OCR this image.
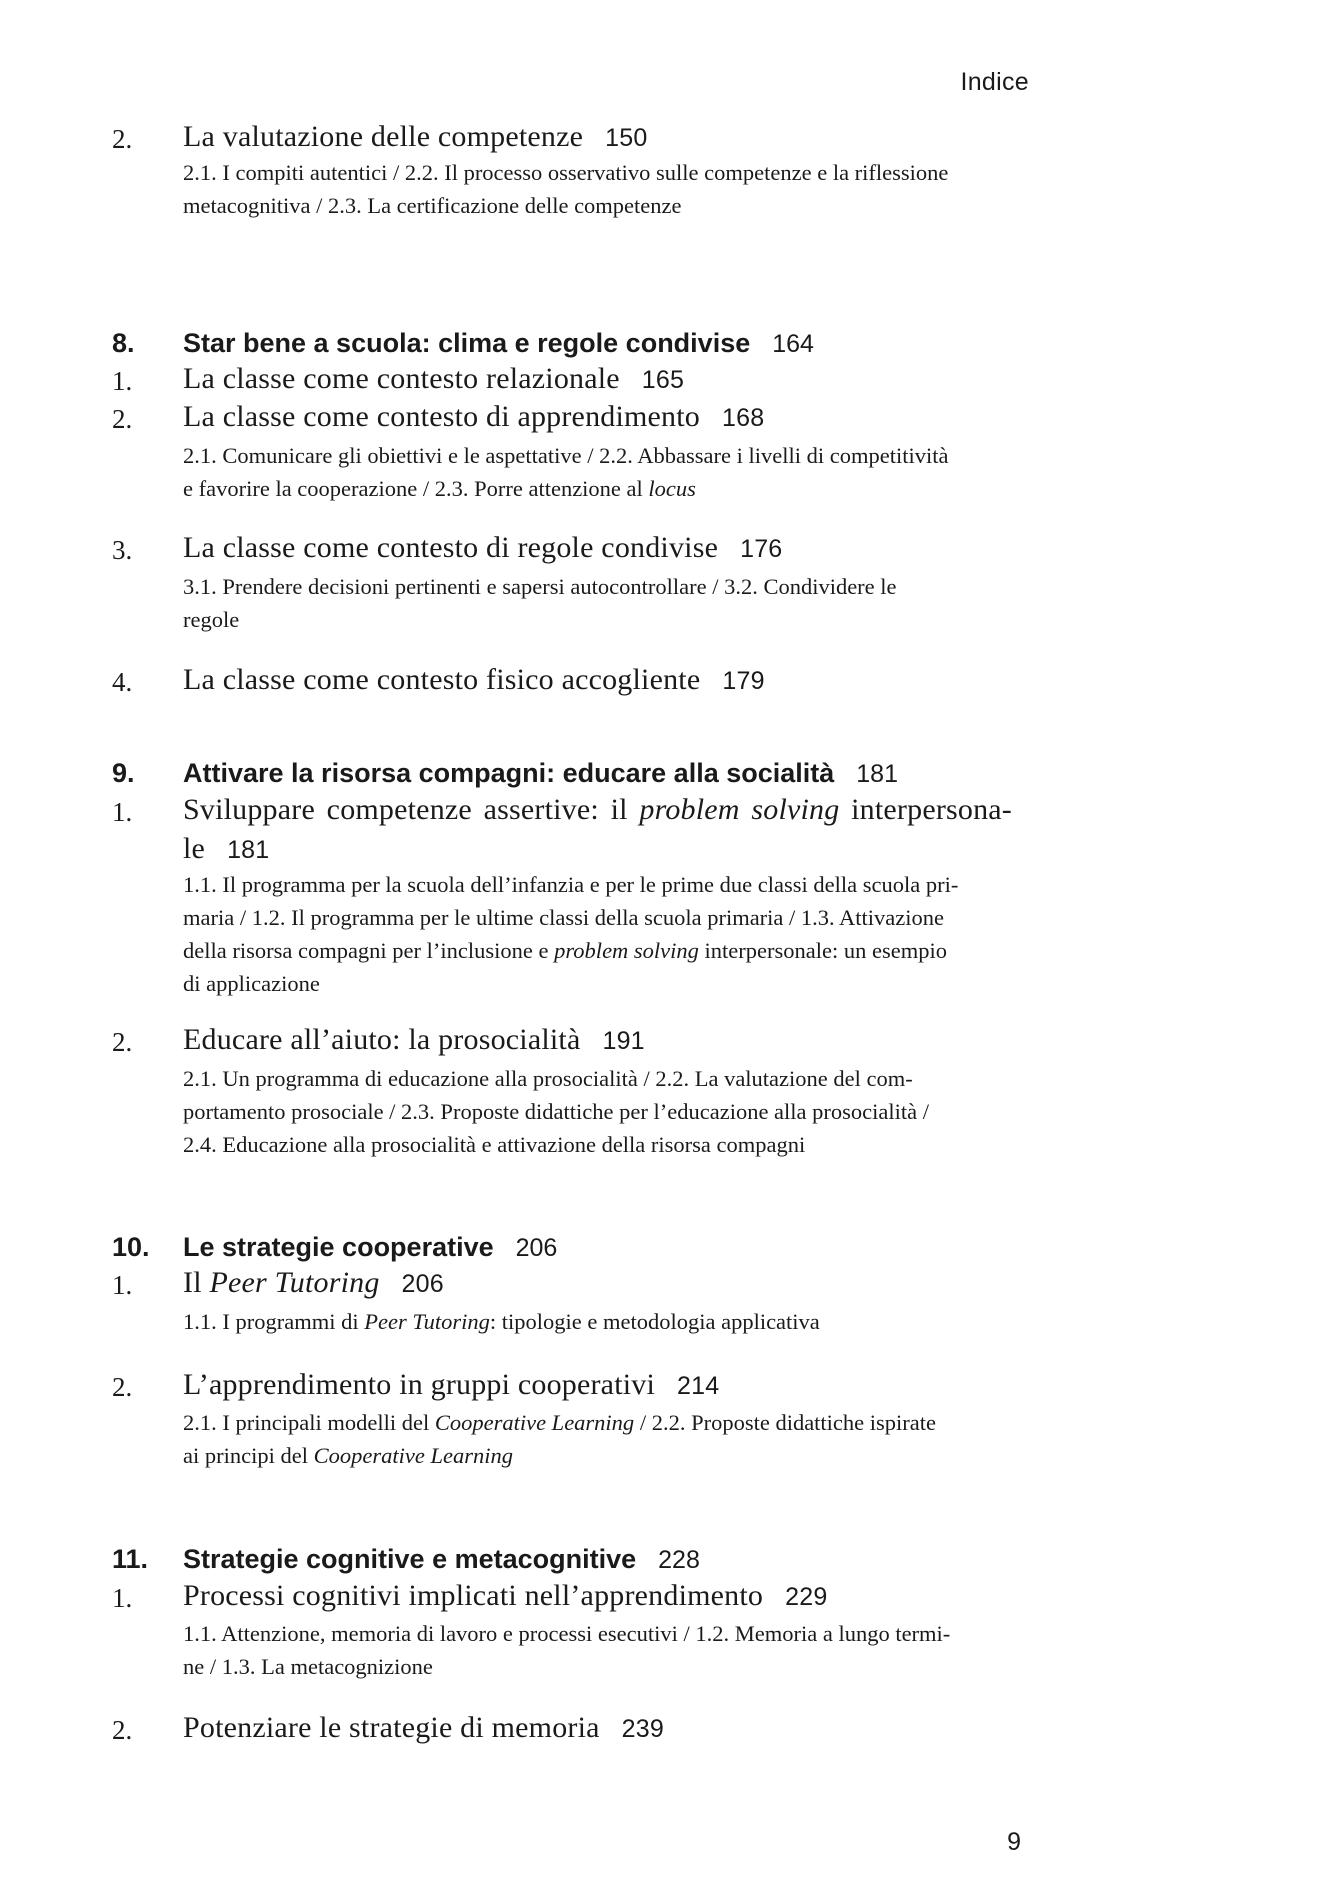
Indice
2. La valutazione delle competenze 150
2.1. I compiti autentici / 2.2. Il processo osservativo sulle competenze e la riflessione
metacognitiva / 2.3. La certificazione delle competenze
8. Star bene a scuola: clima e regole condivise 164
1. La classe come contesto relazionale 165
2. La classe come contesto di apprendimento 168
2.1. Comunicare gli obiettivi e le aspettative / 2.2. Abbassare i livelli di competitività
e favorire la cooperazione / 2.3. Porre attenzione al locus
3. La classe come contesto di regole condivise 176
3.1. Prendere decisioni pertinenti e sapersi autocontrollare / 3.2. Condividere le
regole
4. La classe come contesto fisico accogliente 179
9. Attivare la risorsa compagni: educare alla socialità 181
1. Sviluppare competenze assertive: il problem solving interpersona-
le 181
1.1. Il programma per la scuola dell’infanzia e per le prime due classi della scuola pri-
maria / 1.2. Il programma per le ultime classi della scuola primaria / 1.3. Attivazione
della risorsa compagni per l’inclusione e problem solving interpersonale: un esempio
di applicazione
2. Educare all’aiuto: la prosocialità 191
2.1. Un programma di educazione alla prosocialità / 2.2. La valutazione del com-
portamento prosociale / 2.3. Proposte didattiche per l’educazione alla prosocialità /
2.4. Educazione alla prosocialità e attivazione della risorsa compagni
10. Le strategie cooperative 206
1. Il Peer Tutoring 206
1.1. I programmi di Peer Tutoring: tipologie e metodologia applicativa
2. L’apprendimento in gruppi cooperativi 214
2.1. I principali modelli del Cooperative Learning / 2.2. Proposte didattiche ispirate
ai principi del Cooperative Learning
11. Strategie cognitive e metacognitive 228
1. Processi cognitivi implicati nell’apprendimento 229
1.1. Attenzione, memoria di lavoro e processi esecutivi / 1.2. Memoria a lungo termi-
ne / 1.3. La metacognizione
2. Potenziare le strategie di memoria 239
9
